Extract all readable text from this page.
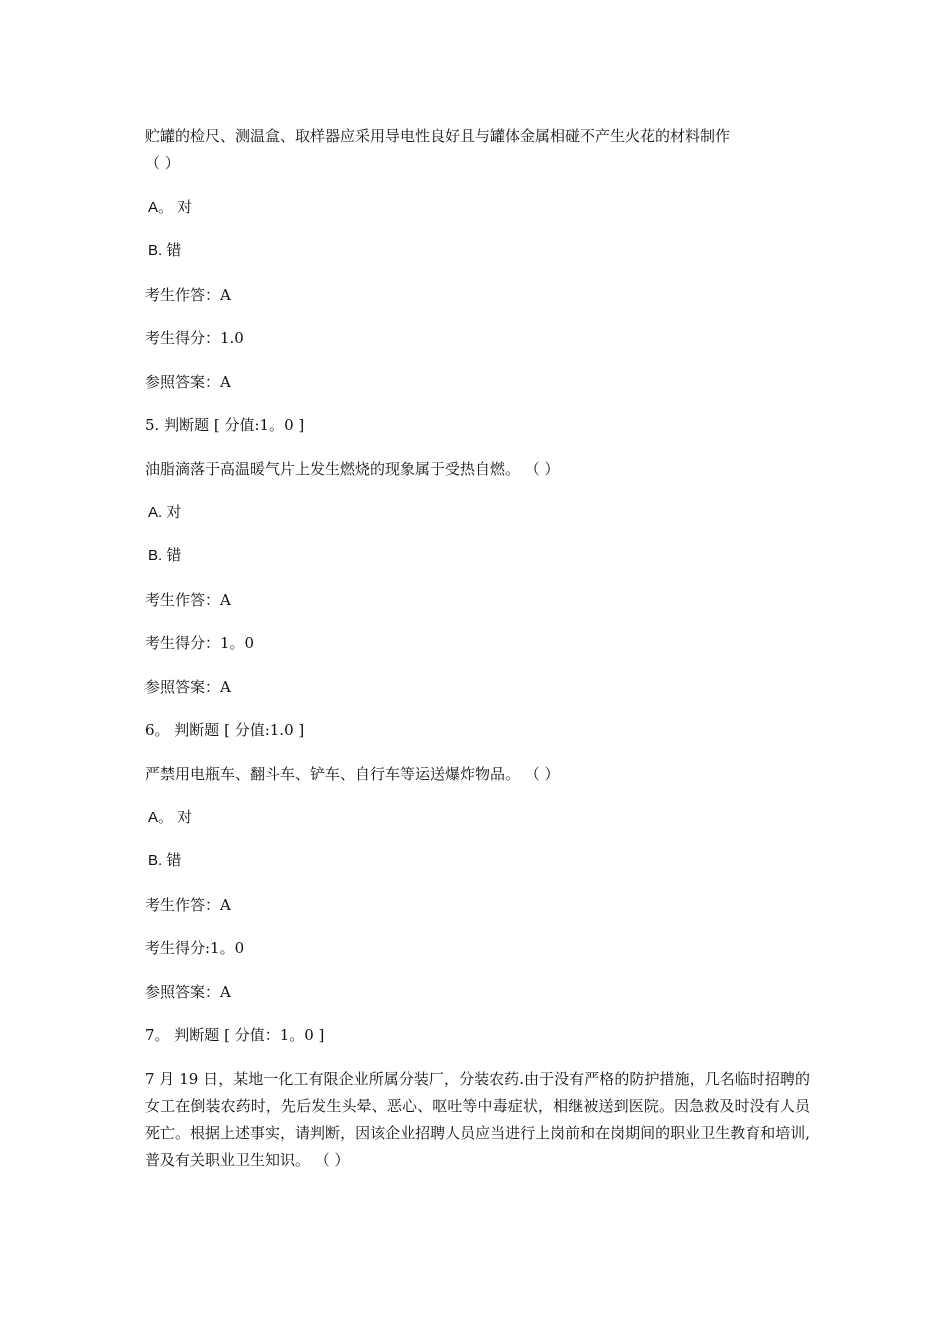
贮罐的检尺、测温盒、取样器应采用导电性良好且与罐体金属相碰不产生火花的材料制作
（ ）
A。 对
B. 错
考生作答：A
考生得分：1.0
参照答案：A
5. 判断题 [ 分值:1。0 ]
油脂滴落于高温暖气片上发生燃烧的现象属于受热自燃。 （ ）
A. 对
B. 错
考生作答：A
考生得分：1。0
参照答案：A
6。 判断题 [ 分值:1.0 ]
严禁用电瓶车、翻斗车、铲车、自行车等运送爆炸物品。 （ ）
A。 对
B. 错
考生作答：A
考生得分:1。0
参照答案：A
7。 判断题 [ 分值：1。0 ]
7 月 19 日，某地一化工有限企业所属分装厂，分装农药.由于没有严格的防护措施，几名临时招聘的女工在倒装农药时，先后发生头晕、恶心、呕吐等中毒症状，相继被送到医院。因急救及时没有人员死亡。根据上述事实，请判断，因该企业招聘人员应当进行上岗前和在岗期间的职业卫生教育和培训,普及有关职业卫生知识。 （ ）
